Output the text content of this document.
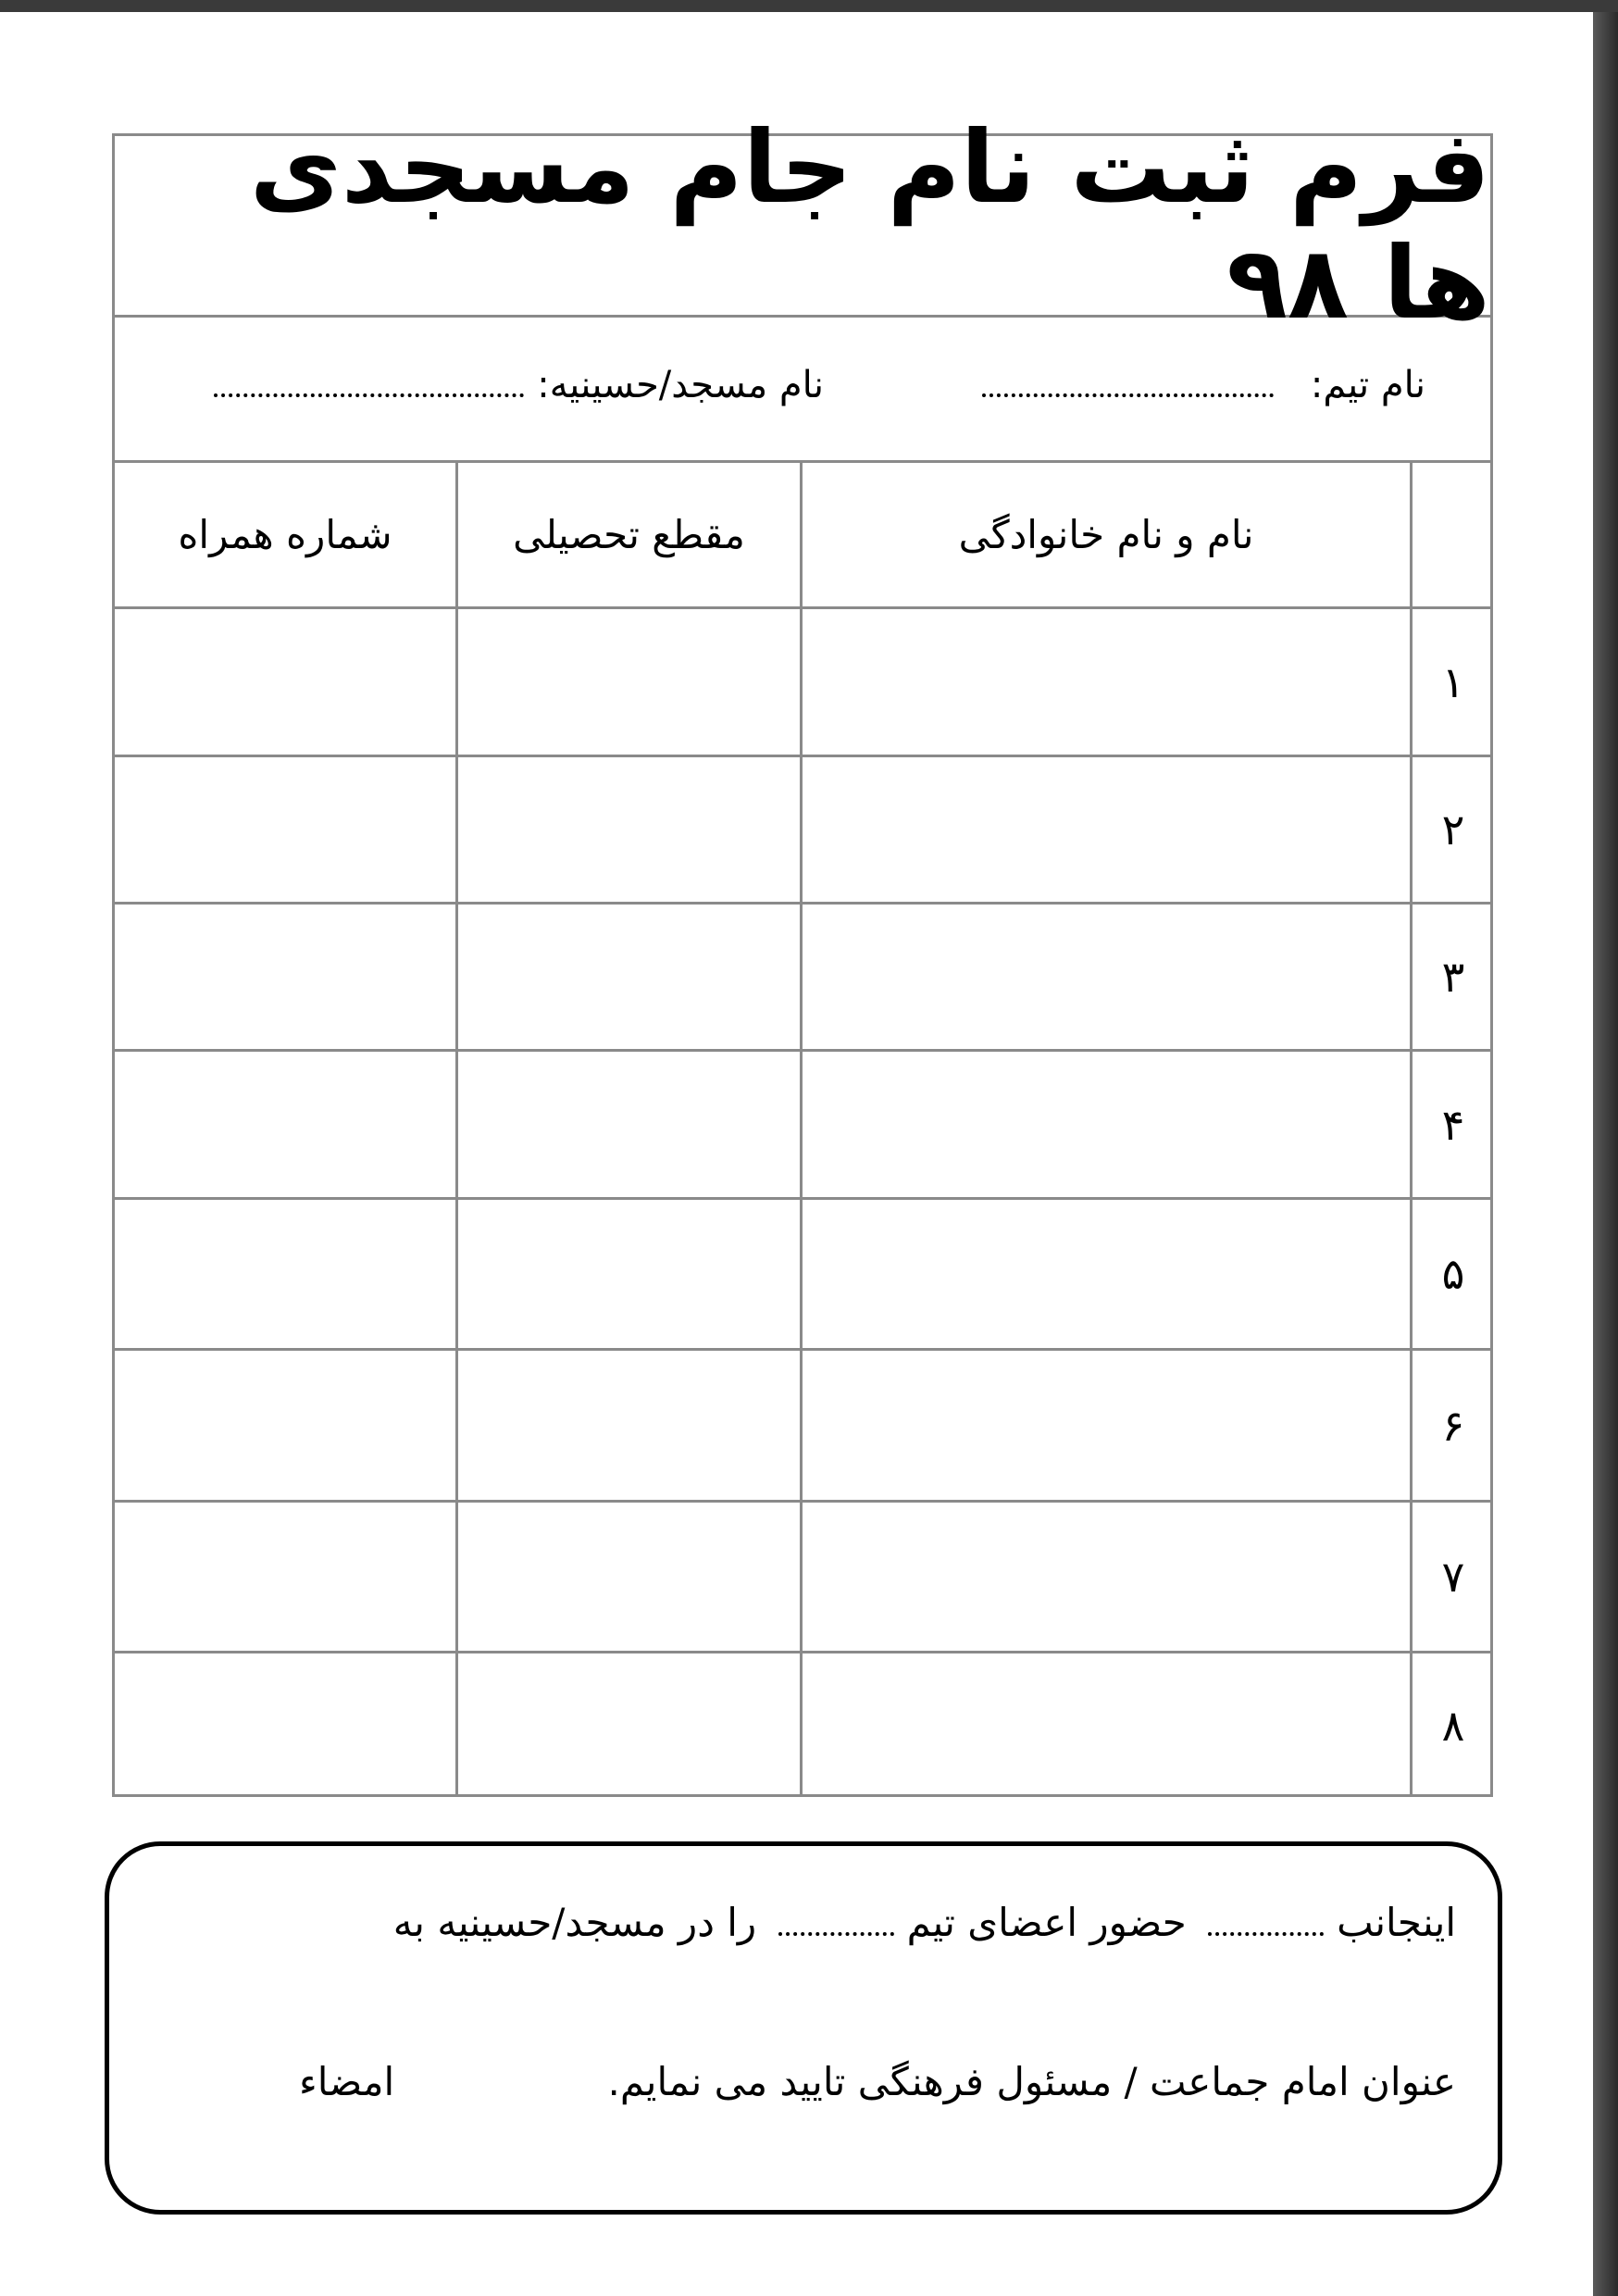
فرم ثبت نام جام مسجدی ها ۹۸
نام تیم:
نام مسجد/حسینیه:
نام و نام خانوادگی
مقطع تحصیلی
شماره همراه
۱
۲
۳
۴
۵
۶
۷
۸
اینجانب حضور اعضای تیم را در مسجد/حسینیه به
عنوان امام جماعت / مسئول فرهنگی تایید می نمایم.
امضاء
